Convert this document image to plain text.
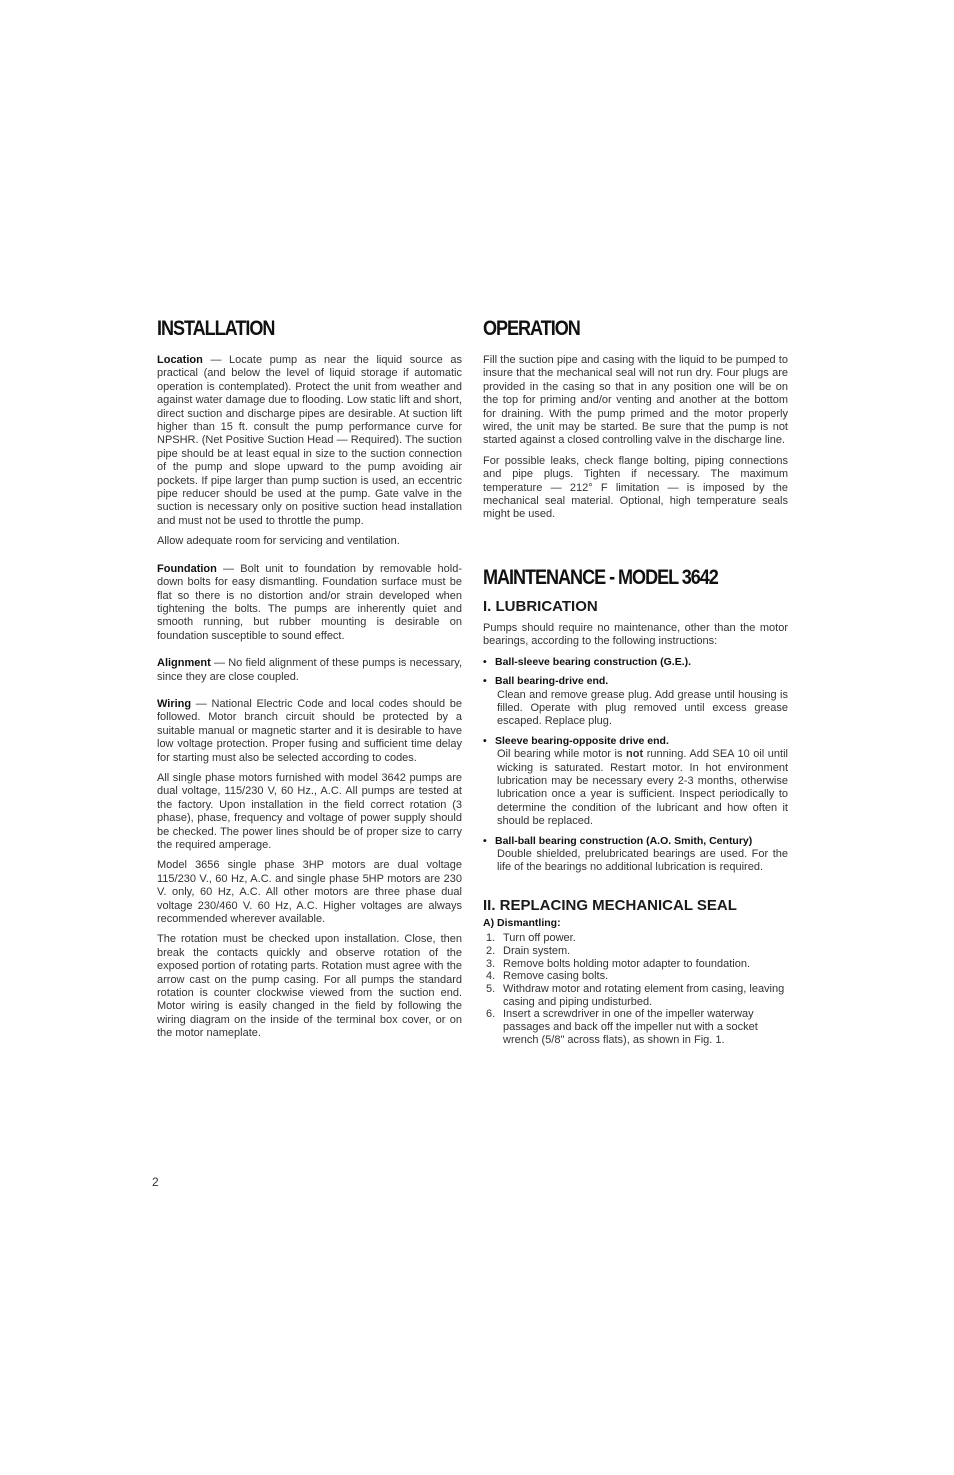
INSTALLATION

Location — Locate pump as near the liquid source as practical (and below the level of liquid storage if automatic operation is contemplated). Protect the unit from weather and against water damage due to flooding. Low static lift and short, direct suction and discharge pipes are desirable. At suction lift higher than 15 ft. consult the pump performance curve for NPSHR. (Net Positive Suction Head — Required). The suction pipe should be at least equal in size to the suction connection of the pump and slope upward to the pump avoiding air pockets. If pipe larger than pump suction is used, an eccentric pipe reducer should be used at the pump. Gate valve in the suction is necessary only on positive suction head installation and must not be used to throttle the pump.

Allow adequate room for servicing and ventilation.

Foundation — Bolt unit to foundation by removable hold-down bolts for easy dismantling. Foundation surface must be flat so there is no distortion and/or strain developed when tightening the bolts. The pumps are inherently quiet and smooth running, but rubber mounting is desirable on foundation susceptible to sound effect.

Alignment — No field alignment of these pumps is necessary, since they are close coupled.

Wiring — National Electric Code and local codes should be followed. Motor branch circuit should be protected by a suitable manual or magnetic starter and it is desirable to have low voltage protection. Proper fusing and sufficient time delay for starting must also be selected according to codes.

All single phase motors furnished with model 3642 pumps are dual voltage, 115/230 V, 60 Hz., A.C. All pumps are tested at the factory. Upon installation in the field correct rotation (3 phase), phase, frequency and voltage of power supply should be checked. The power lines should be of proper size to carry the required amperage.

Model 3656 single phase 3HP motors are dual voltage 115/230 V., 60 Hz, A.C. and single phase 5HP motors are 230 V. only, 60 Hz, A.C. All other motors are three phase dual voltage 230/460 V. 60 Hz, A.C. Higher voltages are always recommended wherever available.

The rotation must be checked upon installation. Close, then break the contacts quickly and observe rotation of the exposed portion of rotating parts. Rotation must agree with the arrow cast on the pump casing. For all pumps the standard rotation is counter clockwise viewed from the suction end. Motor wiring is easily changed in the field by following the wiring diagram on the inside of the terminal box cover, or on the motor nameplate.

OPERATION

Fill the suction pipe and casing with the liquid to be pumped to insure that the mechanical seal will not run dry. Four plugs are provided in the casing so that in any position one will be on the top for priming and/or venting and another at the bottom for draining. With the pump primed and the motor properly wired, the unit may be started. Be sure that the pump is not started against a closed controlling valve in the discharge line.

For possible leaks, check flange bolting, piping connections and pipe plugs. Tighten if necessary. The maximum temperature — 212° F limitation — is imposed by the mechanical seal material. Optional, high temperature seals might be used.

MAINTENANCE - MODEL 3642
I. LUBRICATION

Pumps should require no maintenance, other than the motor bearings, according to the following instructions:

• Ball-sleeve bearing construction (G.E.).
• Ball bearing-drive end.
Clean and remove grease plug. Add grease until housing is filled. Operate with plug removed until excess grease escaped. Replace plug.
• Sleeve bearing-opposite drive end.
Oil bearing while motor is not running. Add SEA 10 oil until wicking is saturated. Restart motor. In hot environment lubrication may be necessary every 2-3 months, otherwise lubrication once a year is sufficient. Inspect periodically to determine the condition of the lubricant and how often it should be replaced.
• Ball-ball bearing construction (A.O. Smith, Century)
Double shielded, prelubricated bearings are used. For the life of the bearings no additional lubrication is required.
II. REPLACING MECHANICAL SEAL
A) Dismantling:
1. Turn off power.
2. Drain system.
3. Remove bolts holding motor adapter to foundation.
4. Remove casing bolts.
5. Withdraw motor and rotating element from casing, leaving casing and piping undisturbed.
6. Insert a screwdriver in one of the impeller waterway passages and back off the impeller nut with a socket wrench (5/8" across flats), as shown in Fig. 1.
2
